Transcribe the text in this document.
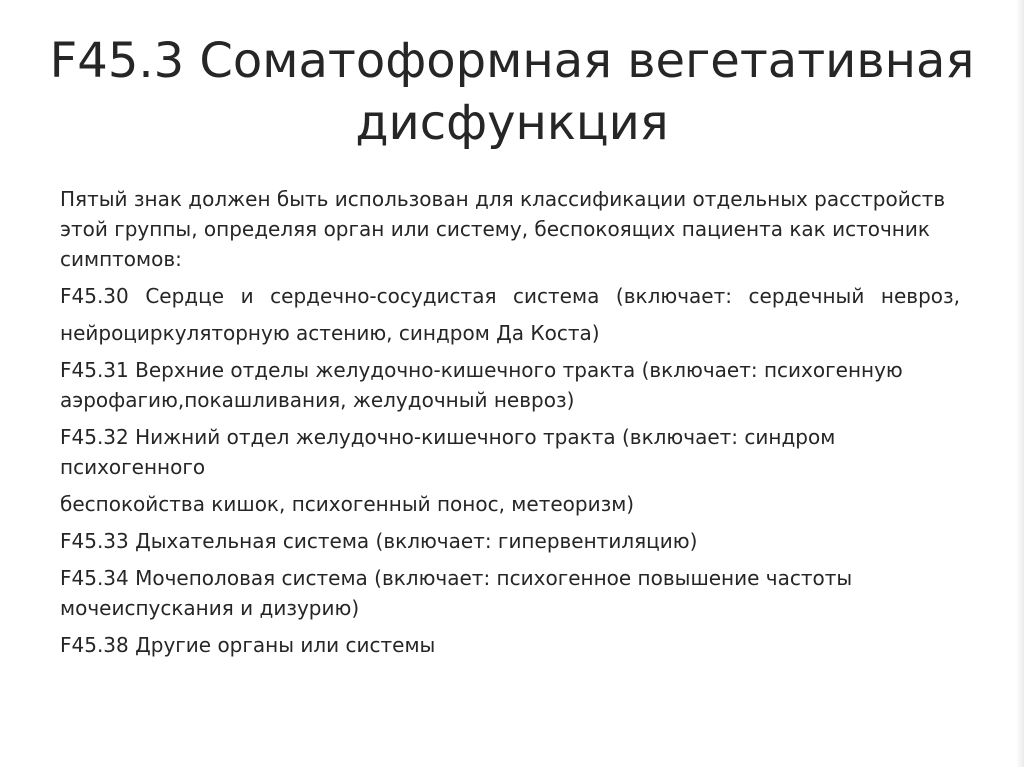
F45.3 Соматоформная вегетативная дисфункция

Пятый знак должен быть использован для классификации отдельных расстройств этой группы, определяя орган или систему, беспокоящих пациента как источник симптомов:

F45.30 Сердце и сердечно-сосудистая система (включает: сердечный невроз,

нейроциркуляторную астению, синдром Да Коста)

F45.31 Верхние отделы желудочно-кишечного тракта (включает: психогенную аэрофагию,покашливания, желудочный невроз)

F45.32 Нижний отдел желудочно-кишечного тракта (включает: синдром психогенного

беспокойства кишок, психогенный понос, метеоризм)

F45.33 Дыхательная система (включает: гипервентиляцию)

F45.34 Мочеполовая система (включает: психогенное повышение частоты мочеиспускания и дизурию)

F45.38 Другие органы или системы
